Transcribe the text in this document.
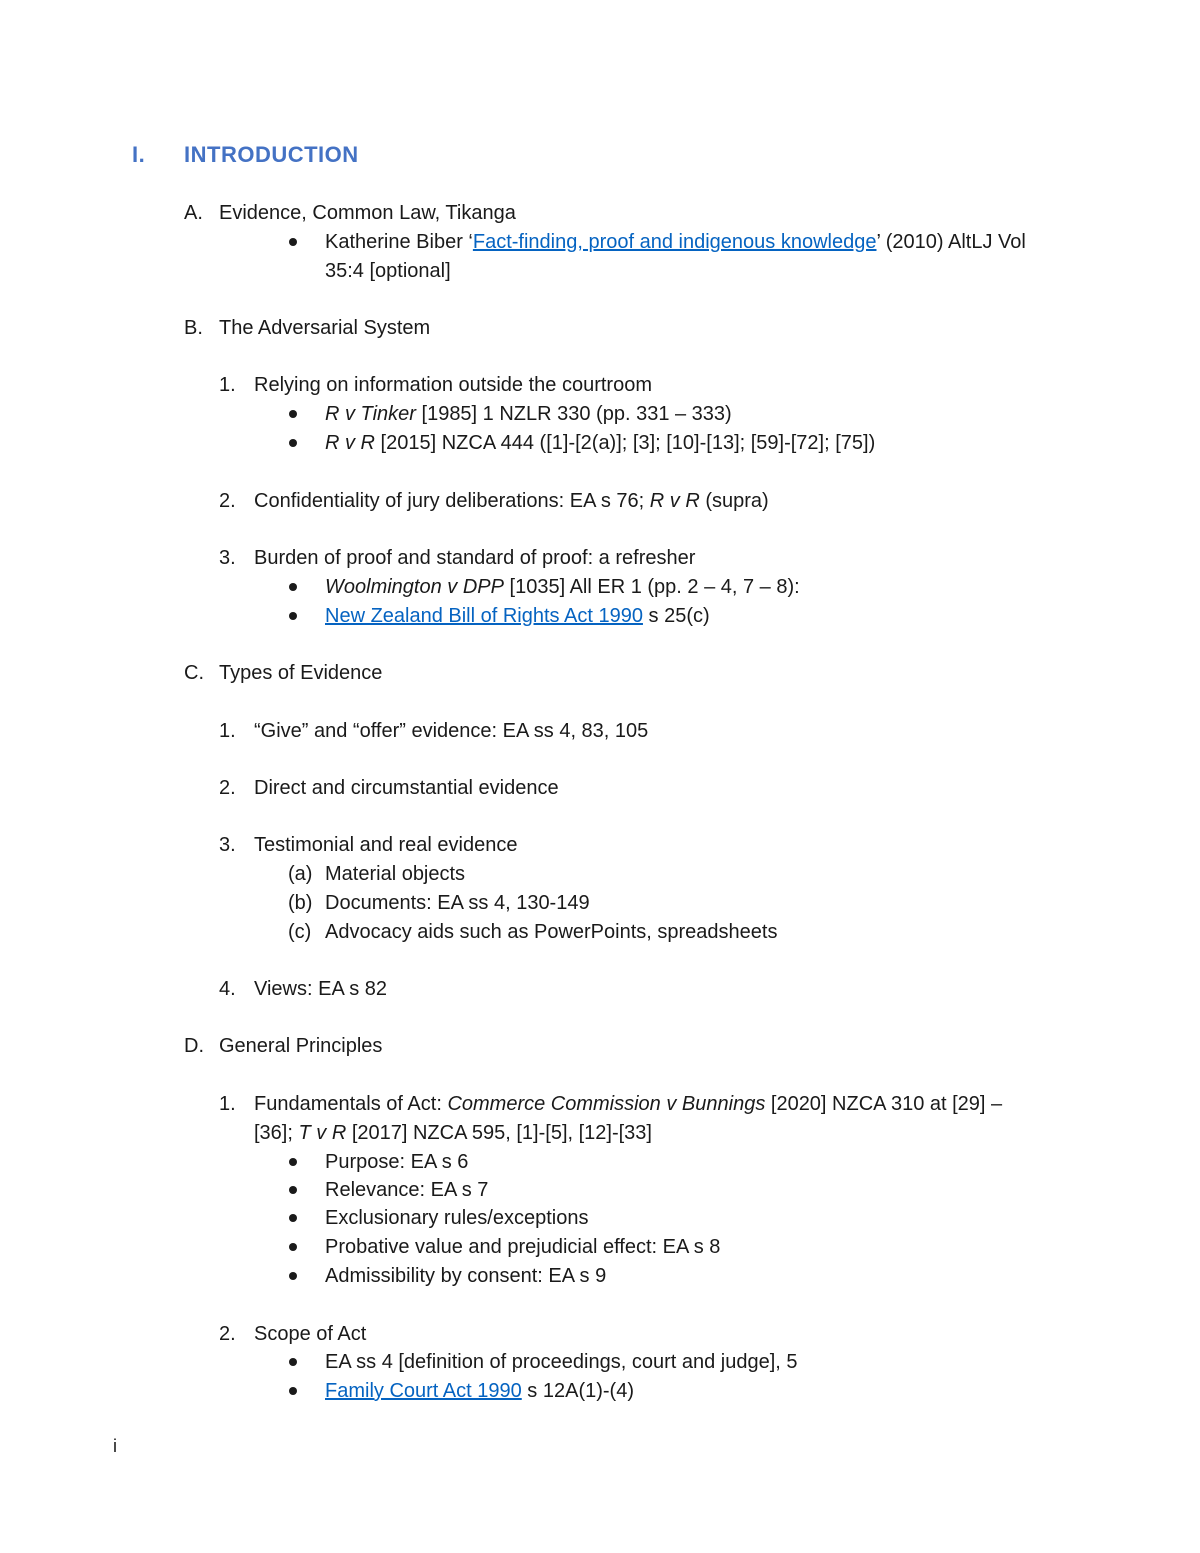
I. INTRODUCTION
A. Evidence, Common Law, Tikanga
Katherine Biber ‘Fact-finding, proof and indigenous knowledge’ (2010) AltLJ Vol
35:4 [optional]
B. The Adversarial System
1. Relying on information outside the courtroom
R v Tinker [1985] 1 NZLR 330 (pp. 331 – 333)
R v R [2015] NZCA 444 ([1]-[2(a)]; [3]; [10]-[13]; [59]-[72]; [75])
2. Confidentiality of jury deliberations: EA s 76; R v R (supra)
3. Burden of proof and standard of proof: a refresher
Woolmington v DPP [1035] All ER 1 (pp. 2 – 4, 7 – 8):
New Zealand Bill of Rights Act 1990 s 25(c)
C. Types of Evidence
1. “Give” and “offer” evidence: EA ss 4, 83, 105
2. Direct and circumstantial evidence
3. Testimonial and real evidence
(a) Material objects
(b) Documents: EA ss 4, 130-149
(c) Advocacy aids such as PowerPoints, spreadsheets
4. Views: EA s 82
D. General Principles
1. Fundamentals of Act: Commerce Commission v Bunnings [2020] NZCA 310 at [29] –
[36]; T v R [2017] NZCA 595, [1]-[5], [12]-[33]
Purpose: EA s 6
Relevance: EA s 7
Exclusionary rules/exceptions
Probative value and prejudicial effect: EA s 8
Admissibility by consent: EA s 9
2. Scope of Act
EA ss 4 [definition of proceedings, court and judge], 5
Family Court Act 1990 s 12A(1)-(4)
i
